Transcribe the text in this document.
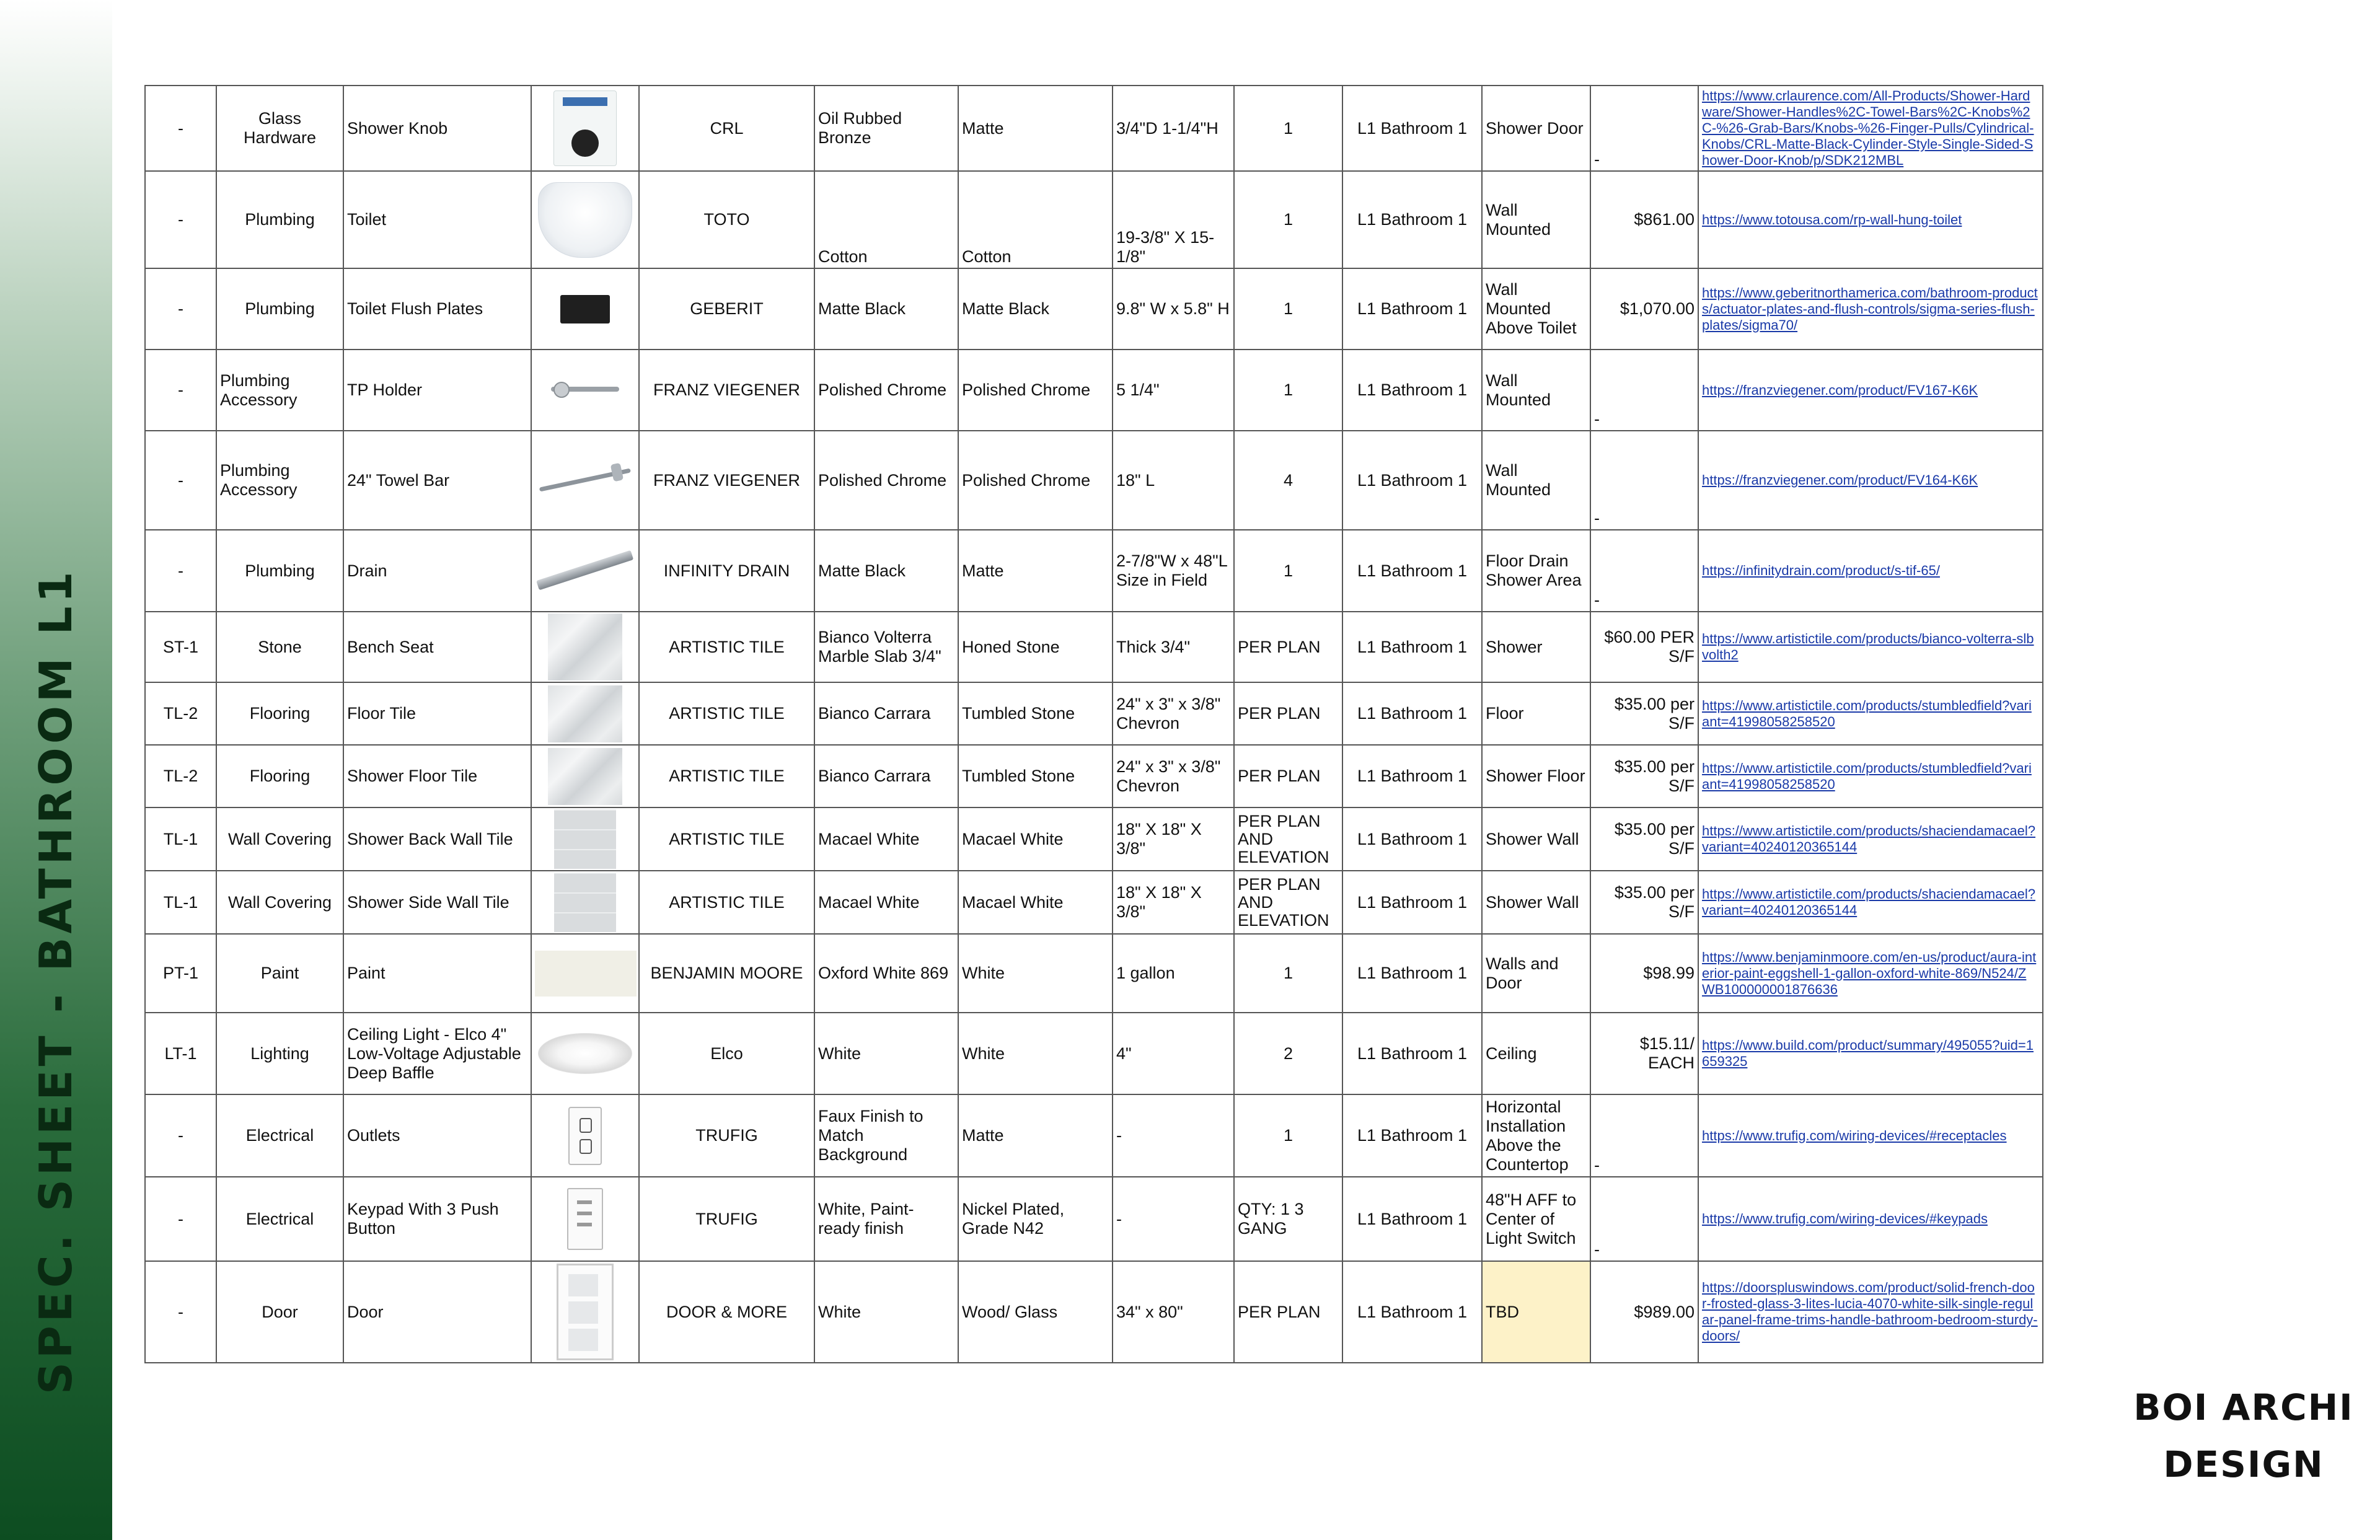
SPEC. SHEET - BATHROOM L1
BOI ARCHI
DESIGN
-	Glass Hardware	Shower Knob		CRL	Oil Rubbed Bronze	Matte	3/4"D 1-1/4"H	1	L1 Bathroom 1	Shower Door	-	https://www.crlaurence.com/All-Products/Shower-Hardware/Shower-Handles%2C-Towel-Bars%2C-Knobs%2C-%26-Grab-Bars/Knobs-%26-Finger-Pulls/Cylindrical-Knobs/CRL-Matte-Black-Cylinder-Style-Single-Sided-Shower-Door-Knob/p/SDK212MBL
-	Plumbing	Toilet		TOTO	Cotton	Cotton	19-3/8" X 15-1/8"	1	L1 Bathroom 1	Wall Mounted	$861.00	https://www.totousa.com/rp-wall-hung-toilet
-	Plumbing	Toilet Flush Plates		GEBERIT	Matte Black	Matte Black	9.8" W x 5.8" H	1	L1 Bathroom 1	Wall Mounted Above Toilet	$1,070.00	https://www.geberitnorthamerica.com/bathroom-products/actuator-plates-and-flush-controls/sigma-series-flush-plates/sigma70/
-	Plumbing Accessory	TP Holder		FRANZ VIEGENER	Polished Chrome	Polished Chrome	5 1/4"	1	L1 Bathroom 1	Wall Mounted	-	https://franzviegener.com/product/FV167-K6K
-	Plumbing Accessory	24" Towel Bar		FRANZ VIEGENER	Polished Chrome	Polished Chrome	18" L	4	L1 Bathroom 1	Wall Mounted	-	https://franzviegener.com/product/FV164-K6K
-	Plumbing	Drain		INFINITY DRAIN	Matte Black	Matte	2-7/8"W x 48"L Size in Field	1	L1 Bathroom 1	Floor Drain Shower Area	-	https://infinitydrain.com/product/s-tif-65/
ST-1	Stone	Bench Seat		ARTISTIC TILE	Bianco Volterra Marble Slab 3/4"	Honed Stone	Thick 3/4"	PER PLAN	L1 Bathroom 1	Shower	$60.00 PER S/F	https://www.artistictile.com/products/bianco-volterra-slbvolth2
TL-2	Flooring	Floor Tile		ARTISTIC TILE	Bianco Carrara	Tumbled Stone	24" x 3" x 3/8" Chevron	PER PLAN	L1 Bathroom 1	Floor	$35.00 per S/F	https://www.artistictile.com/products/stumbledfield?variant=41998058258520
TL-2	Flooring	Shower Floor Tile		ARTISTIC TILE	Bianco Carrara	Tumbled Stone	24" x 3" x 3/8" Chevron	PER PLAN	L1 Bathroom 1	Shower Floor	$35.00 per S/F	https://www.artistictile.com/products/stumbledfield?variant=41998058258520
TL-1	Wall Covering	Shower Back Wall Tile		ARTISTIC TILE	Macael White	Macael White	18" X 18" X 3/8"	PER PLAN AND ELEVATION	L1 Bathroom 1	Shower Wall	$35.00 per S/F	https://www.artistictile.com/products/shaciendamacael?variant=40240120365144
TL-1	Wall Covering	Shower Side Wall Tile		ARTISTIC TILE	Macael White	Macael White	18" X 18" X 3/8"	PER PLAN AND ELEVATION	L1 Bathroom 1	Shower Wall	$35.00 per S/F	https://www.artistictile.com/products/shaciendamacael?variant=40240120365144
PT-1	Paint	Paint		BENJAMIN MOORE	Oxford White 869	White	1 gallon	1	L1 Bathroom 1	Walls and Door	$98.99	https://www.benjaminmoore.com/en-us/product/aura-interior-paint-eggshell-1-gallon-oxford-white-869/N524/ZWB100000001876636
LT-1	Lighting	Ceiling Light - Elco 4" Low-Voltage Adjustable Deep Baffle		Elco	White	White	4"	2	L1 Bathroom 1	Ceiling	$15.11/ EACH	https://www.build.com/product/summary/495055?uid=1659325
-	Electrical	Outlets		TRUFIG	Faux Finish to Match Background	Matte	-	1	L1 Bathroom 1	Horizontal Installation Above the Countertop	-	https://www.trufig.com/wiring-devices/#receptacles
-	Electrical	Keypad With 3 Push Button		TRUFIG	White, Paint-ready finish	Nickel Plated, Grade N42	-	QTY: 1 3 GANG	L1 Bathroom 1	48"H AFF to Center of Light Switch	-	https://www.trufig.com/wiring-devices/#keypads
-	Door	Door		DOOR & MORE	White	Wood/ Glass	34" x 80"	PER PLAN	L1 Bathroom 1	TBD	$989.00	https://doorspluswindows.com/product/solid-french-door-frosted-glass-3-lites-lucia-4070-white-silk-single-regular-panel-frame-trims-handle-bathroom-bedroom-sturdy-doors/
